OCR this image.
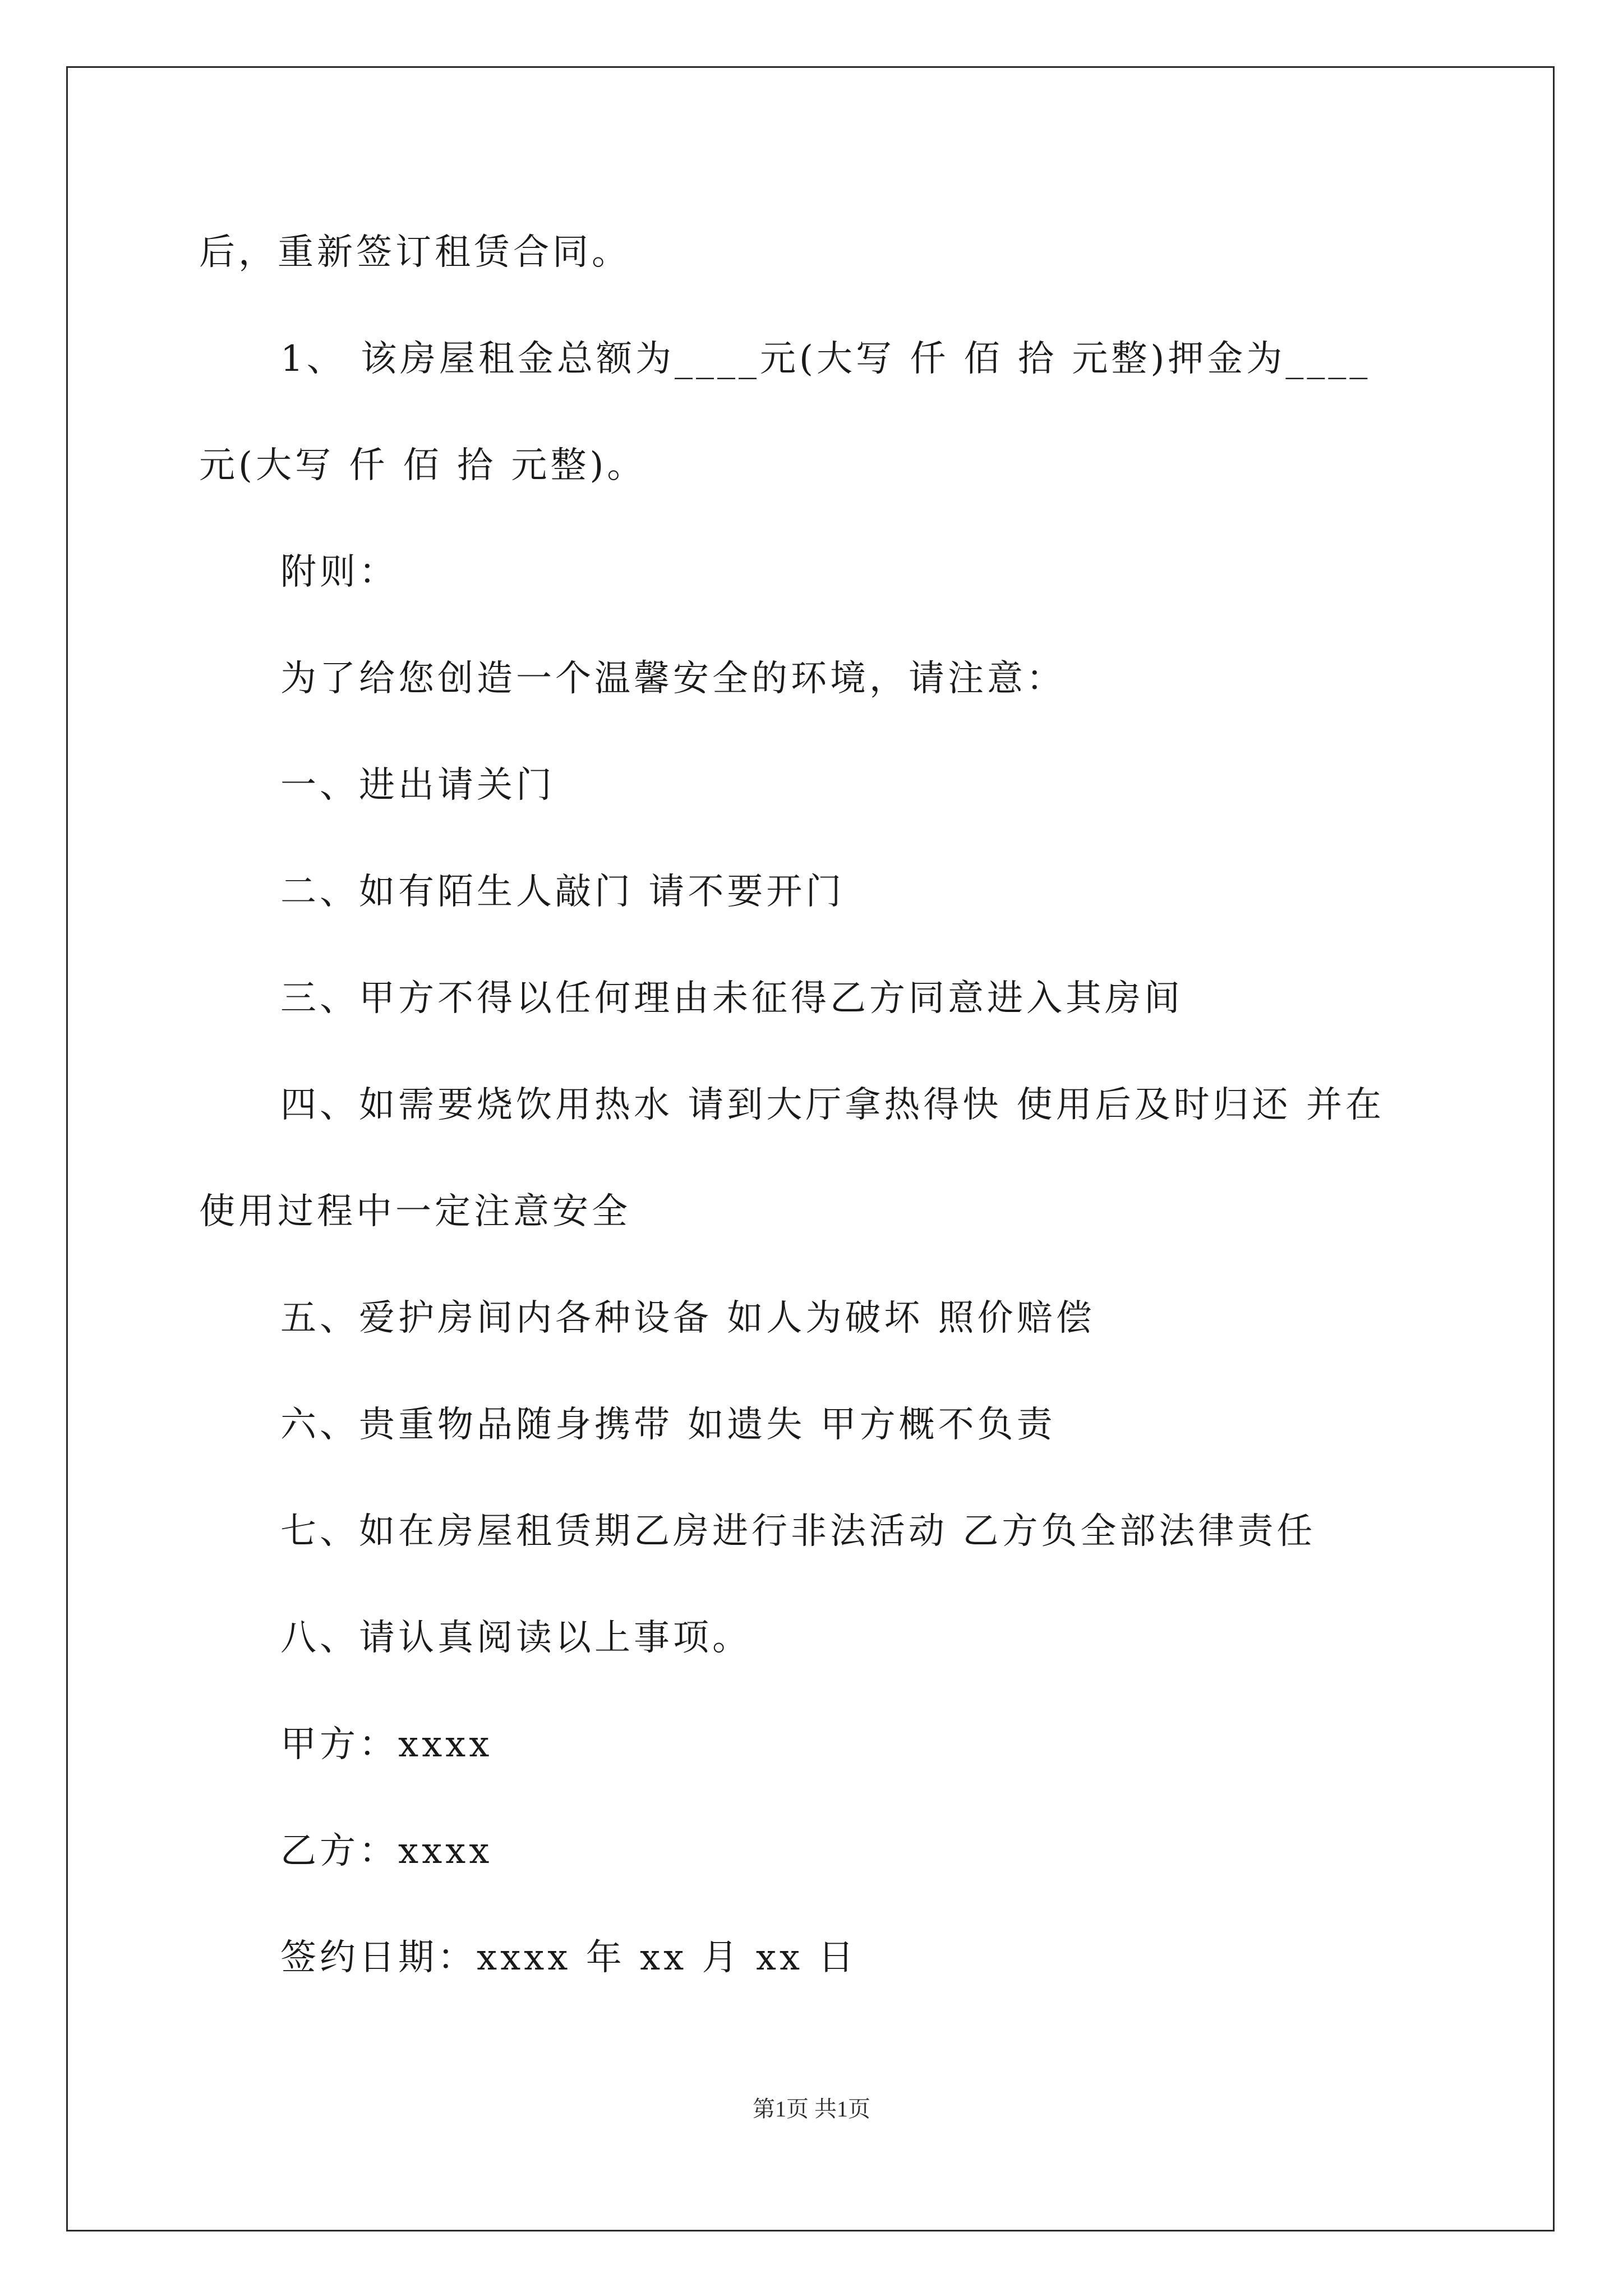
后，重新签订租赁合同。
1、 该房屋租金总额为____元(大写 仟 佰 拾 元整)押金为____
元(大写 仟 佰 拾 元整)。
附则：
为了给您创造一个温馨安全的环境，请注意：
一、进出请关门
二、如有陌生人敲门 请不要开门
三、甲方不得以任何理由未征得乙方同意进入其房间
四、如需要烧饮用热水 请到大厅拿热得快 使用后及时归还 并在
使用过程中一定注意安全
五、爱护房间内各种设备 如人为破坏 照价赔偿
六、贵重物品随身携带 如遗失 甲方概不负责
七、如在房屋租赁期乙房进行非法活动 乙方负全部法律责任
八、请认真阅读以上事项。
甲方：xxxx
乙方：xxxx
签约日期：xxxx 年 xx 月 xx 日
第1页 共1页
